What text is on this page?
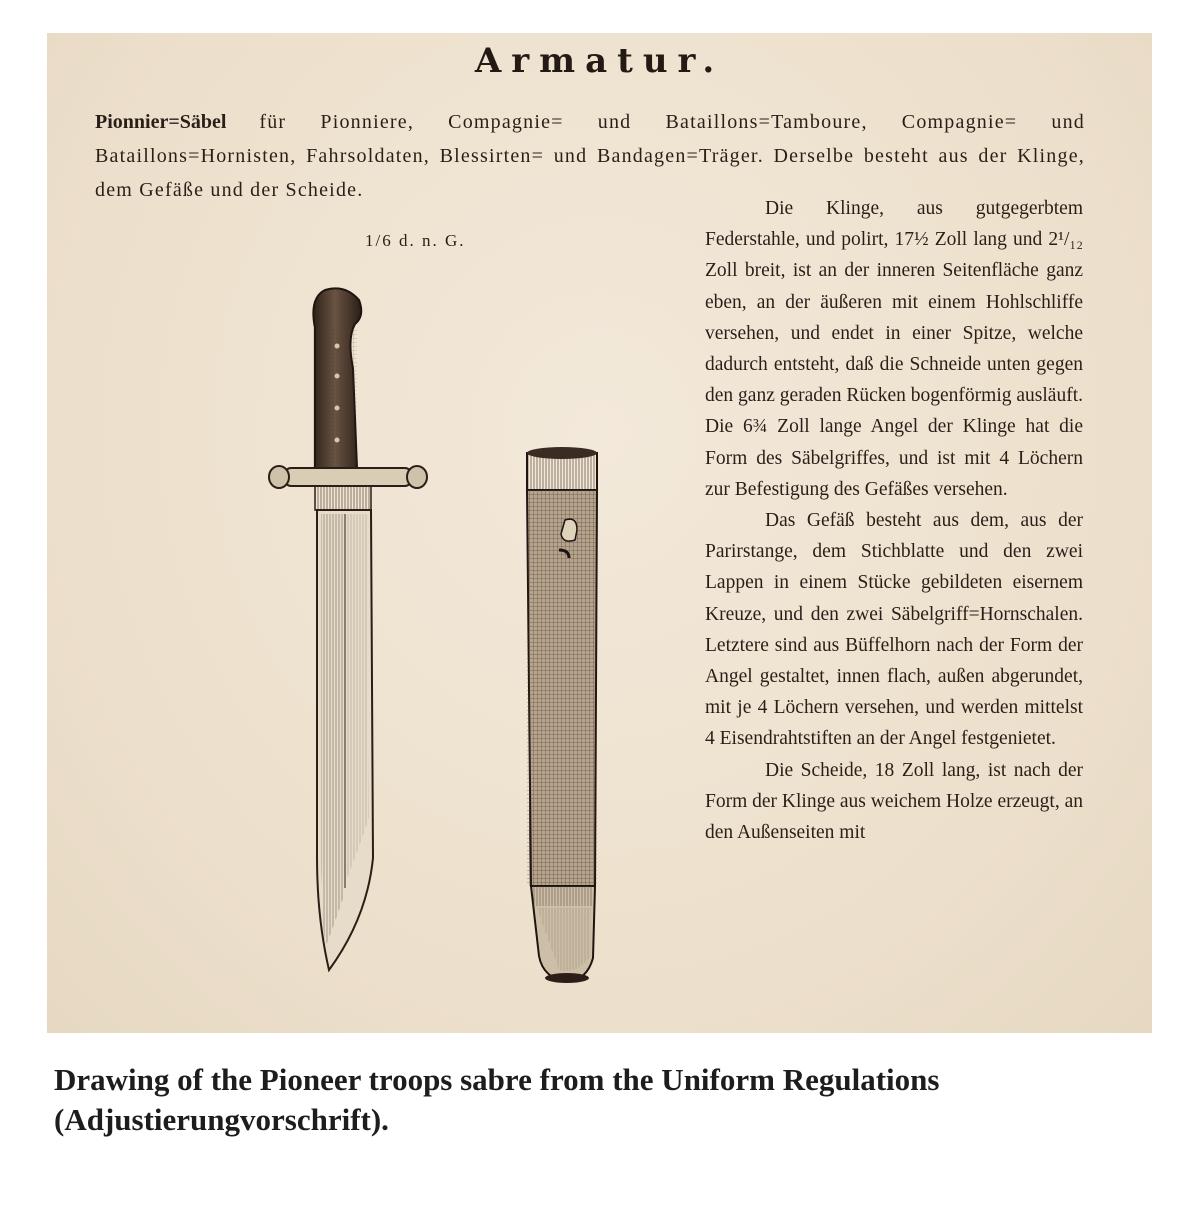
Armatur.
Pionnier=Säbel für Pionniere, Compagnie= und Bataillons=Tamboure, Compagnie= und Bataillons=Hornisten, Fahrsoldaten, Blessirten= und Bandagen=Träger. Derselbe besteht aus der Klinge, dem Gefäße und der Scheide.
1/6 d. n. G.

Die Klinge, aus gutgegerbtem Federstahle, und polirt, 17½ Zoll lang und 2¹/₁₂ Zoll breit, ist an der inneren Seitenfläche ganz eben, an der äußeren mit einem Hohlschliffe versehen, und endet in einer Spitze, welche dadurch entsteht, daß die Schneide unten gegen den ganz geraden Rücken bogenförmig ausläuft. Die 6¾ Zoll lange Angel der Klinge hat die Form des Säbelgriffes, und ist mit 4 Löchern zur Befestigung des Gefäßes versehen.

Das Gefäß besteht aus dem, aus der Parirstange, dem Stichblatte und den zwei Lappen in einem Stücke gebildeten eisernem Kreuze, und den zwei Säbelgriff=Hornschalen. Letztere sind aus Büffelhorn nach der Form der Angel gestaltet, innen flach, außen abgerundet, mit je 4 Löchern versehen, und werden mittelst 4 Eisendrahtstiften an der Angel festgenietet.

Die Scheide, 18 Zoll lang, ist nach der Form der Klinge aus weichem Holze erzeugt, an den Außenseiten mit

Drawing of the Pioneer troops sabre from the Uniform Regulations (Adjustierungvorschrift).
